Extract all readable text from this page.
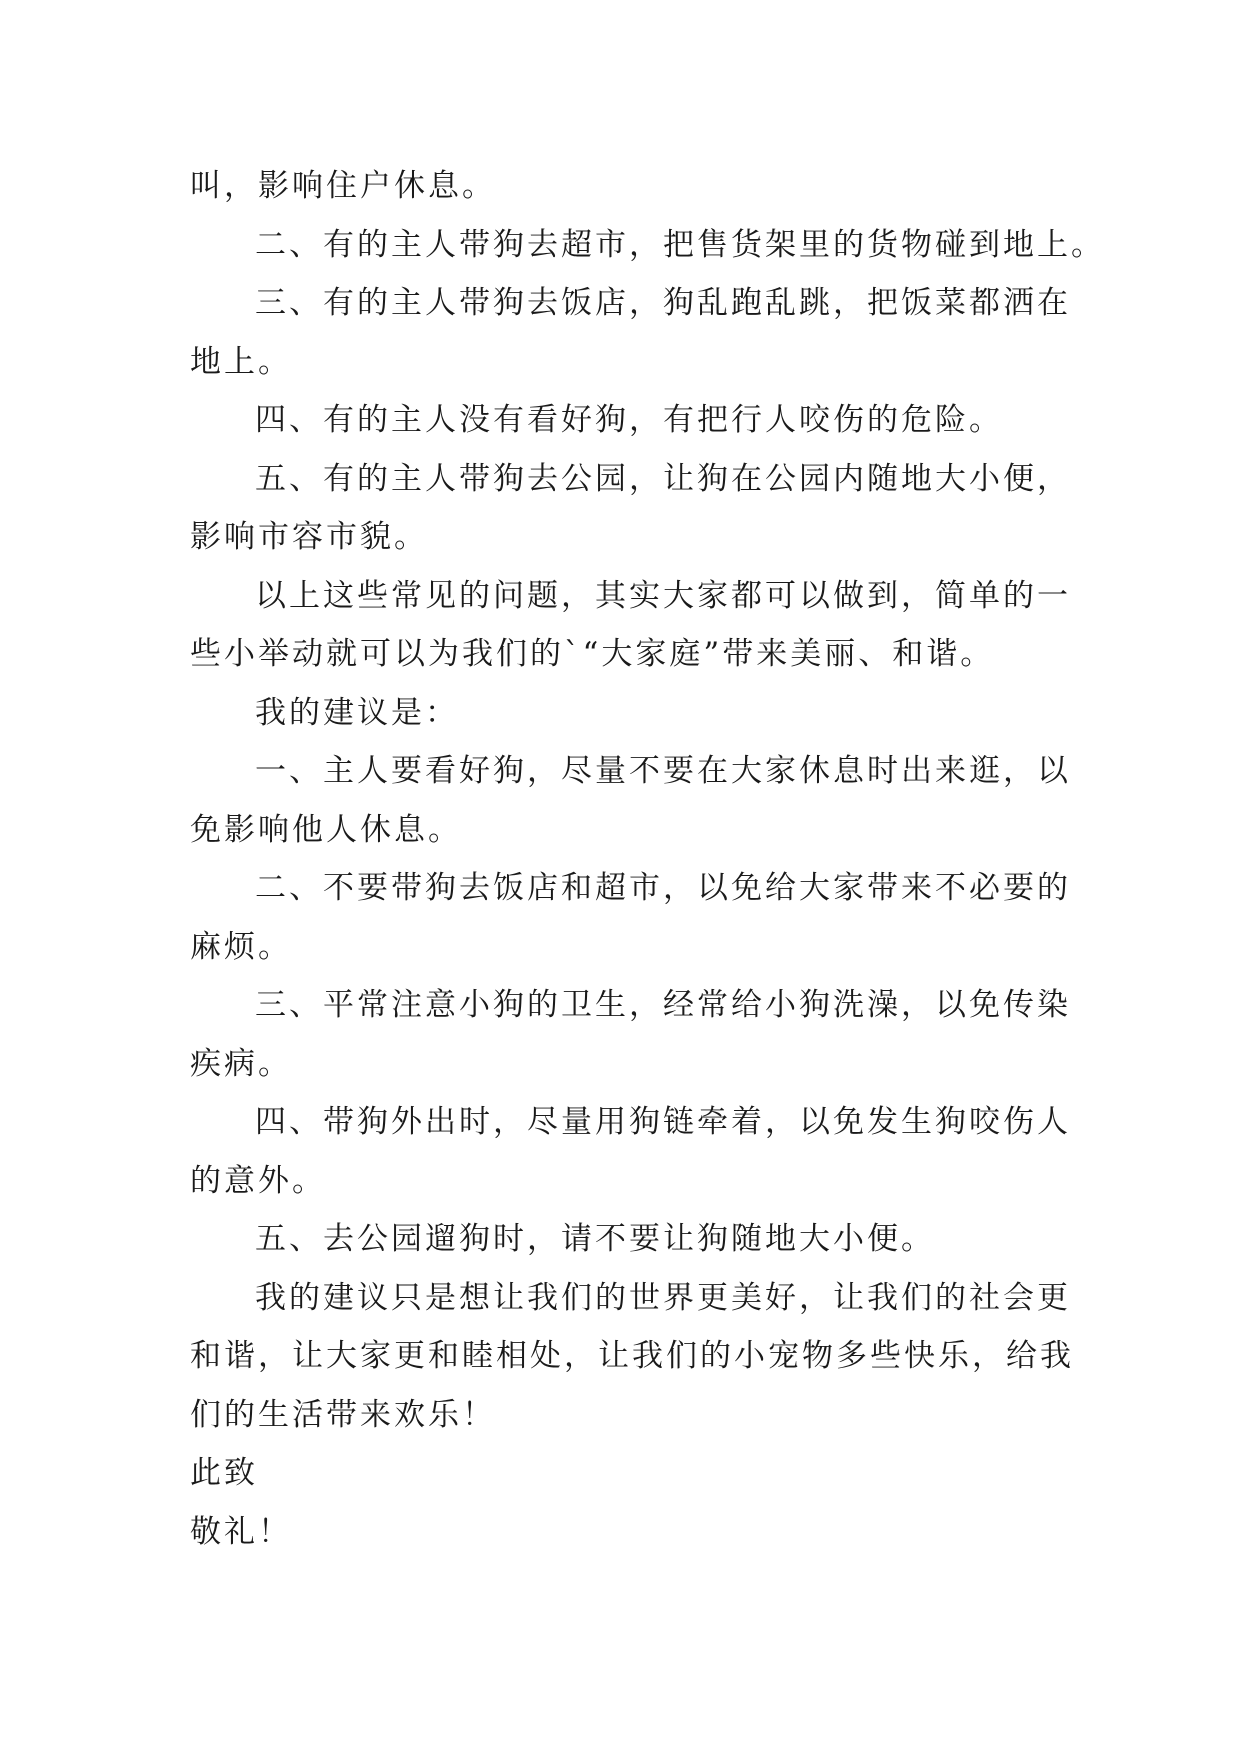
叫，影响住户休息。

二、有的主人带狗去超市，把售货架里的货物碰到地上。

三、有的主人带狗去饭店，狗乱跑乱跳，把饭菜都洒在

地上。

四、有的主人没有看好狗，有把行人咬伤的危险。

五、有的主人带狗去公园，让狗在公园内随地大小便，

影响市容市貌。

以上这些常见的问题，其实大家都可以做到，简单的一

些小举动就可以为我们的`“大家庭”带来美丽、和谐。

我的建议是：

一、主人要看好狗，尽量不要在大家休息时出来逛，以

免影响他人休息。

二、不要带狗去饭店和超市，以免给大家带来不必要的

麻烦。

三、平常注意小狗的卫生，经常给小狗洗澡，以免传染

疾病。

四、带狗外出时，尽量用狗链牵着，以免发生狗咬伤人

的意外。

五、去公园遛狗时，请不要让狗随地大小便。

我的建议只是想让我们的世界更美好，让我们的社会更

和谐，让大家更和睦相处，让我们的小宠物多些快乐，给我

们的生活带来欢乐！

此致

敬礼！
